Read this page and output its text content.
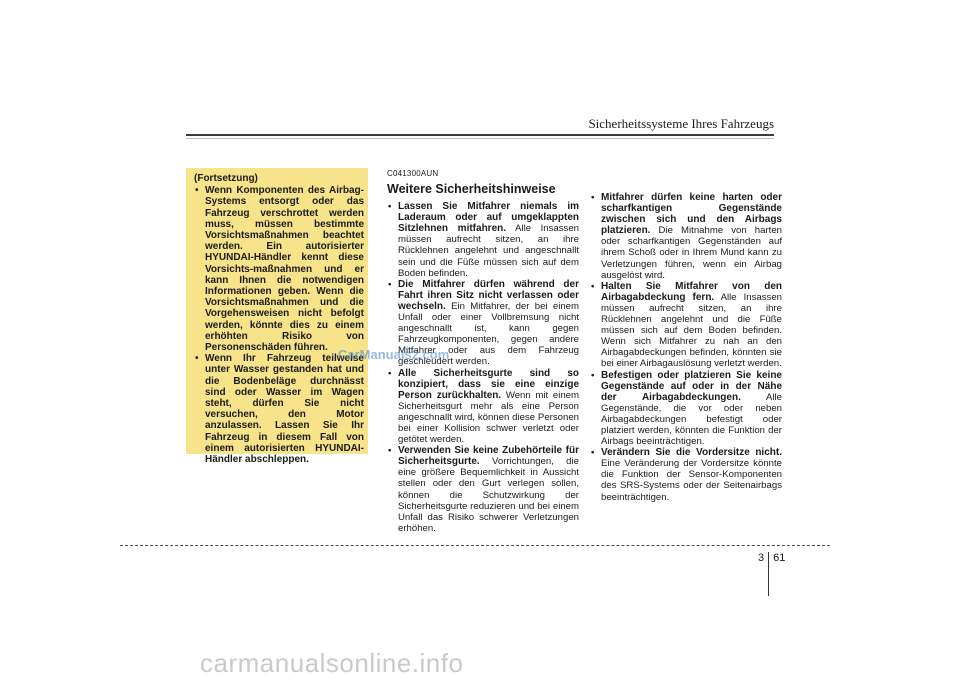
Sicherheitssysteme Ihres Fahrzeugs
(Fortsetzung)
• Wenn Komponenten des Airbag-Systems entsorgt oder das Fahrzeug verschrottet werden muss, müssen bestimmte Vorsichtsmaßnahmen beachtet werden. Ein autorisierter HYUNDAI-Händler kennt diese Vorsichts-maßnahmen und er kann Ihnen die notwendigen Informationen geben. Wenn die Vorsichtsmaßnahmen und die Vorgehensweisen nicht befolgt werden, könnte dies zu einem erhöhten Risiko von Personenschäden führen.
• Wenn Ihr Fahrzeug teilweise unter Wasser gestanden hat und die Bodenbeläge durchnässt sind oder Wasser im Wagen steht, dürfen Sie nicht versuchen, den Motor anzulassen. Lassen Sie Ihr Fahrzeug in diesem Fall von einem autorisierten HYUNDAI-Händler abschleppen.
C041300AUN
Weitere Sicherheitshinweise
• Lassen Sie Mitfahrer niemals im Laderaum oder auf umgeklappten Sitzlehnen mitfahren. Alle Insassen müssen aufrecht sitzen, an ihre Rücklehnen angelehnt und angeschnallt sein und die Füße müssen sich auf dem Boden befinden.
• Die Mitfahrer dürfen während der Fahrt ihren Sitz nicht verlassen oder wechseln. Ein Mitfahrer, der bei einem Unfall oder einer Vollbremsung nicht angeschnallt ist, kann gegen Fahrzeugkomponenten, gegen andere Mitfahrer oder aus dem Fahrzeug geschleudert werden.
• Alle Sicherheitsgurte sind so konzipiert, dass sie eine einzige Person zurückhalten. Wenn mit einem Sicherheitsgurt mehr als eine Person angeschnallt wird, können diese Personen bei einer Kollision schwer verletzt oder getötet werden.
• Verwenden Sie keine Zubehörteile für Sicherheitsgurte. Vorrichtungen, die eine größere Bequemlichkeit in Aussicht stellen oder den Gurt verlegen sollen, können die Schutzwirkung der Sicherheitsgurte reduzieren und bei einem Unfall das Risiko schwerer Verletzungen erhöhen.
• Mitfahrer dürfen keine harten oder scharfkantigen Gegenstände zwischen sich und den Airbags platzieren. Die Mitnahme von harten oder scharfkantigen Gegenständen auf ihrem Schoß oder in Ihrem Mund kann zu Verletzungen führen, wenn ein Airbag ausgelöst wird.
• Halten Sie Mitfahrer von den Airbagabdeckung fern. Alle Insassen müssen aufrecht sitzen, an ihre Rücklehnen angelehnt und die Füße müssen sich auf dem Boden befinden. Wenn sich Mitfahrer zu nah an den Airbagabdeckungen befinden, könnten sie bei einer Airbagauslösung verletzt werden.
• Befestigen oder platzieren Sie keine Gegenstände auf oder in der Nähe der Airbagabdeckungen. Alle Gegenstände, die vor oder neben Airbagabdeckungen befestigt oder platziert werden, könnten die Funktion der Airbags beeinträchtigen.
• Verändern Sie die Vordersitze nicht. Eine Veränderung der Vordersitze könnte die Funktion der Sensor-Komponenten des SRS-Systems oder der Seitenairbags beeinträchtigen.
CarManuals2.com
3 61
carmanualsonline.info
